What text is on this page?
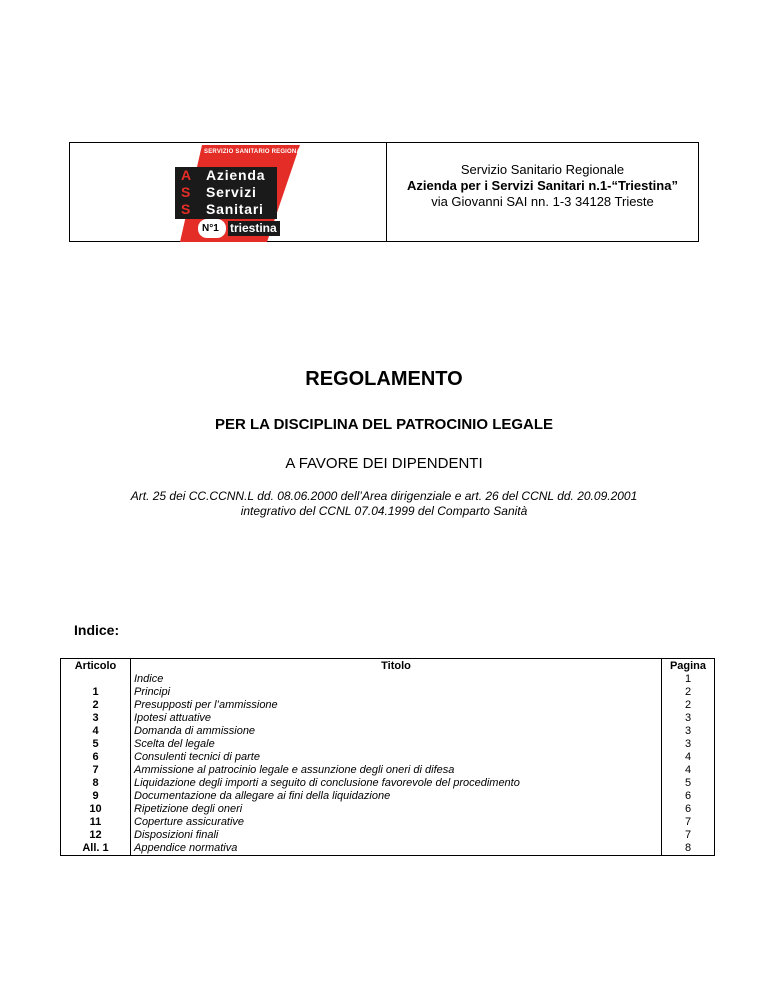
SERVIZIO SANITARIO REGIONALE
A
S
S
Azienda
Servizi
Sanitari
N°1 triestina
Servizio Sanitario Regionale
Azienda per i Servizi Sanitari n.1-“Triestina”
via Giovanni SAI nn. 1-3 34128 Trieste
REGOLAMENTO
PER LA DISCIPLINA DEL PATROCINIO LEGALE
A FAVORE DEI DIPENDENTI
Art. 25 dei CC.CCNN.L dd. 08.06.2000 dell’Area dirigenziale e art. 26 del CCNL dd. 20.09.2001
integrativo del CCNL 07.04.1999 del Comparto Sanità
Indice:
Articolo	Titolo	Pagina
	Indice	1
1	Principi	2
2	Presupposti per l’ammissione	2
3	Ipotesi attuative	3
4	Domanda di ammissione	3
5	Scelta del legale	3
6	Consulenti tecnici di parte	4
7	Ammissione al patrocinio legale e assunzione degli oneri di difesa	4
8	Liquidazione degli importi a seguito di conclusione favorevole del procedimento	5
9	Documentazione da allegare ai fini della liquidazione	6
10	Ripetizione degli oneri	6
11	Coperture assicurative	7
12	Disposizioni finali	7
All. 1	Appendice normativa	8
